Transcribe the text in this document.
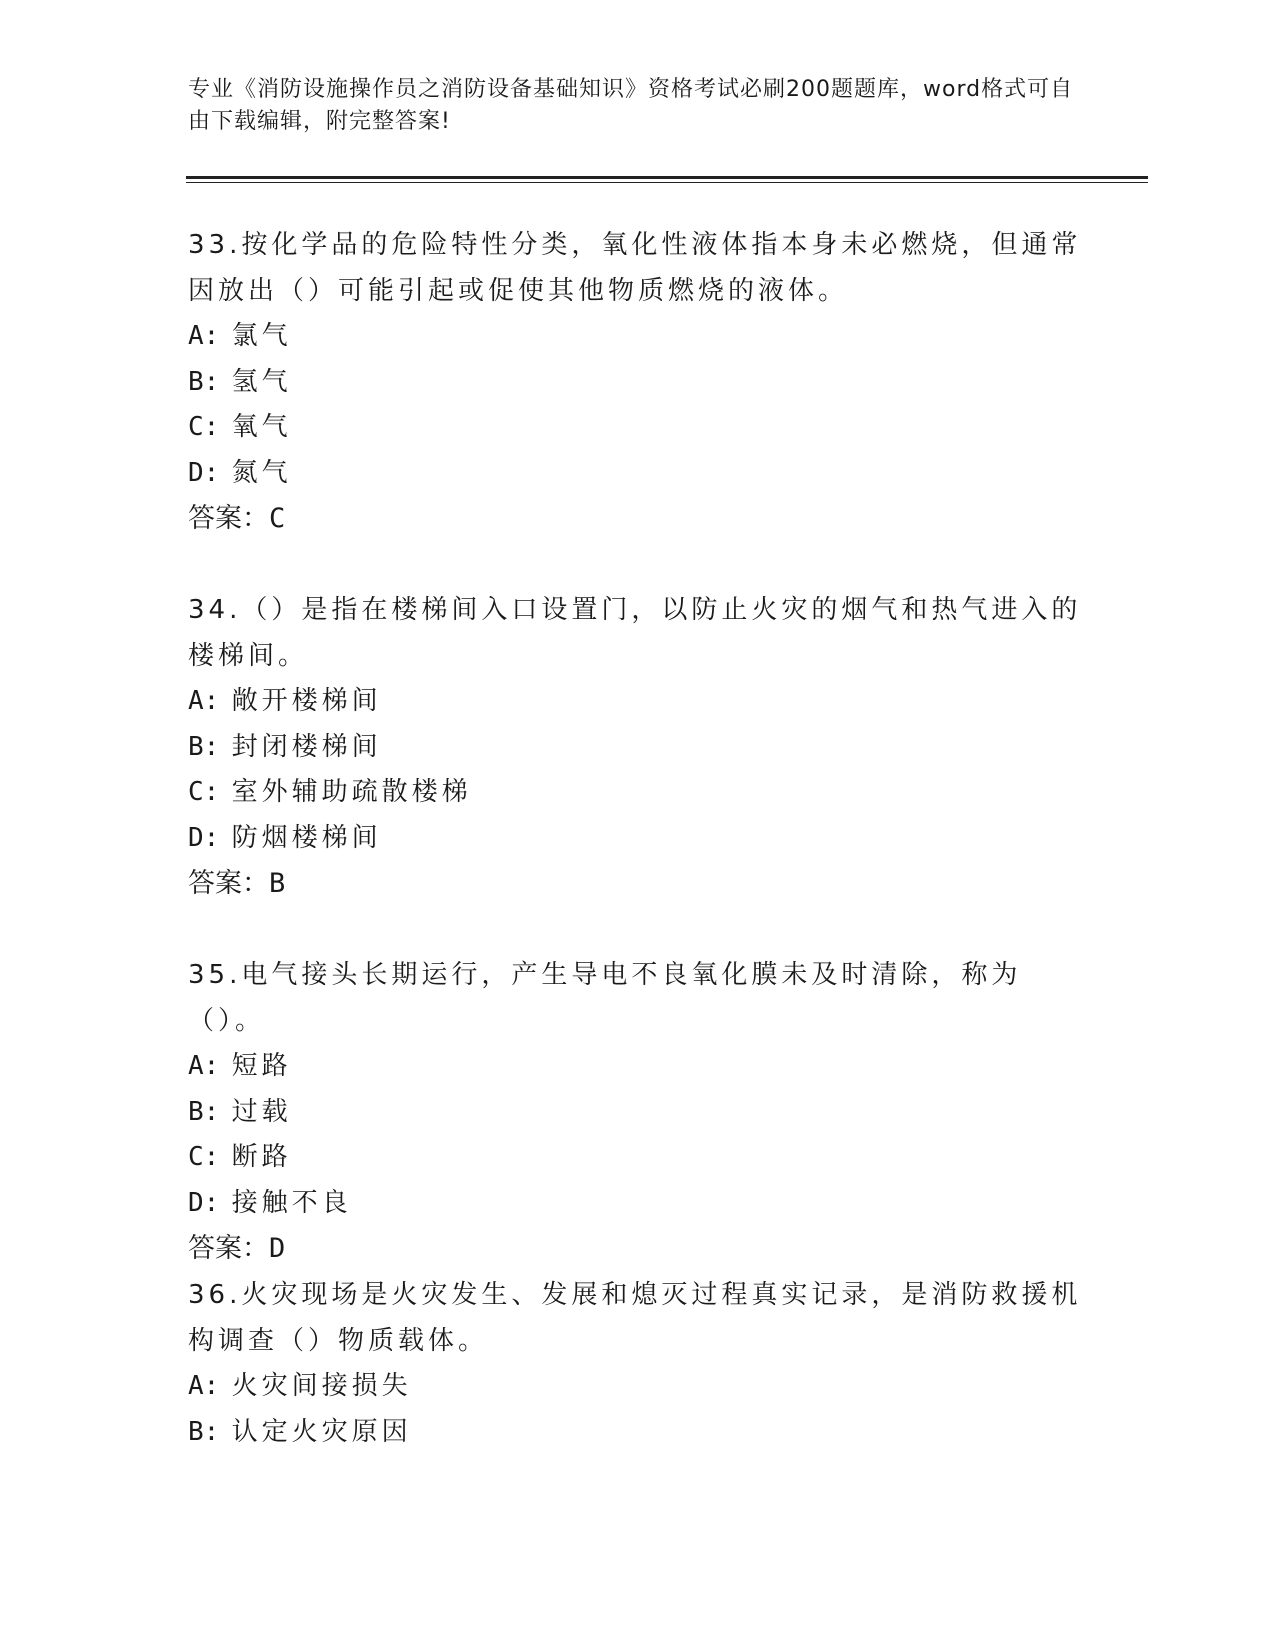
专业《消防设施操作员之消防设备基础知识》资格考试必刷200题题库，word格式可自由下载编辑，附完整答案!

33.按化学品的危险特性分类，氧化性液体指本身未必燃烧，但通常因放出（）可能引起或促使其他物质燃烧的液体。

A: 氯气

B: 氢气

C: 氧气

D: 氮气

答案：C

34.（）是指在楼梯间入口设置门，以防止火灾的烟气和热气进入的楼梯间。

A: 敞开楼梯间

B: 封闭楼梯间

C: 室外辅助疏散楼梯

D: 防烟楼梯间

答案：B

35.电气接头长期运行，产生导电不良氧化膜未及时清除，称为（）。

A: 短路

B: 过载

C: 断路

D: 接触不良

答案：D

36.火灾现场是火灾发生、发展和熄灭过程真实记录，是消防救援机构调查（）物质载体。

A: 火灾间接损失

B: 认定火灾原因
